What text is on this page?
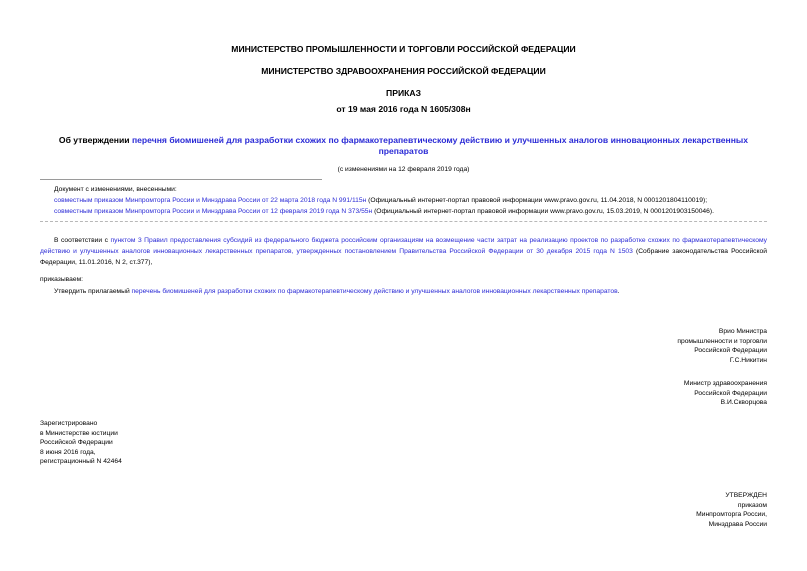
МИНИСТЕРСТВО ПРОМЫШЛЕННОСТИ И ТОРГОВЛИ РОССИЙСКОЙ ФЕДЕРАЦИИ
МИНИСТЕРСТВО ЗДРАВООХРАНЕНИЯ РОССИЙСКОЙ ФЕДЕРАЦИИ
ПРИКАЗ
от 19 мая 2016 года N 1605/308н
Об утверждении перечня биомишеней для разработки схожих по фармакотерапевтическому действию и улучшенных аналогов инновационных лекарственных препаратов
(с изменениями на 12 февраля 2019 года)
Документ с изменениями, внесенными:
совместным приказом Минпромторга России и Минздрава России от 22 марта 2018 года N 991/115н (Официальный интернет-портал правовой информации www.pravo.gov.ru, 11.04.2018, N 0001201804110019);
совместным приказом Минпромторга России и Минздрава России от 12 февраля 2019 года N 373/55н (Официальный интернет-портал правовой информации www.pravo.gov.ru, 15.03.2019, N 0001201903150046).
В соответствии с пунктом 3 Правил предоставления субсидий из федерального бюджета российским организациям на возмещение части затрат на реализацию проектов по разработке схожих по фармакотерапевтическому действию и улучшенных аналогов инновационных лекарственных препаратов, утвержденных постановлением Правительства Российской Федерации от 30 декабря 2015 года N 1503 (Собрание законодательства Российской Федерации, 11.01.2016, N 2, ст.377),
приказываем:
Утвердить прилагаемый перечень биомишеней для разработки схожих по фармакотерапевтическому действию и улучшенных аналогов инновационных лекарственных препаратов.
Врио Министра
промышленности и торговли
Российской Федерации
Г.С.Никитин
Министр здравоохранения
Российской Федерации
В.И.Скворцова
Зарегистрировано
в Министерстве юстиции
Российской Федерации
8 июня 2016 года,
регистрационный N 42464
УТВЕРЖДЕН
приказом
Минпромторга России,
Минздрава России
